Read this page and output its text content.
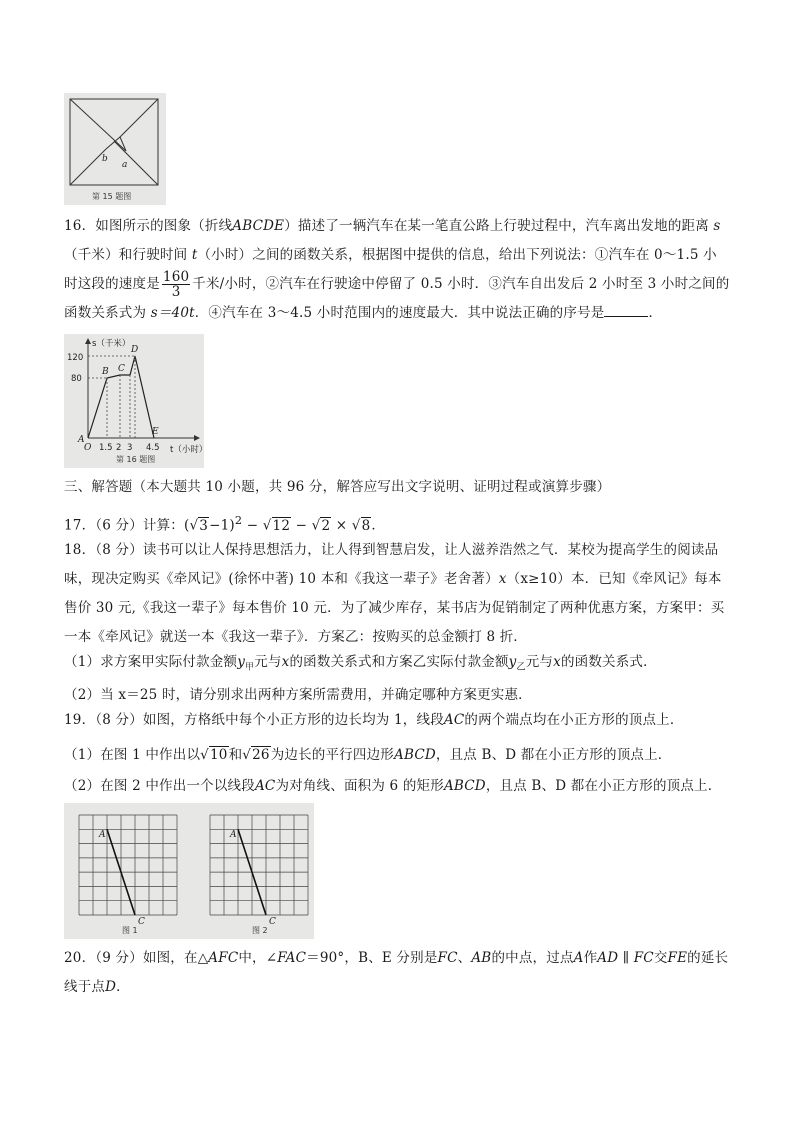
b
a
第 15 题图
16．如图所示的图象（折线ABCDE）描述了一辆汽车在某一笔直公路上行驶过程中，汽车离出发地的距离 s（千米）和行驶时间 t（小时）之间的函数关系，根据图中提供的信息，给出下列说法：①汽车在 0～1.5 小时这段的速度是 $\frac{160}{3}$ 千米/小时，②汽车在行驶途中停留了 0.5 小时．③汽车自出发后 2 小时至 3 小时之间的函数关系式为 s＝40t．④汽车在 3～4.5 小时范围内的速度最大．其中说法正确的序号是	．
s（千米）
t（小时）
120
80
A
O 1.5 2 3 4.5
B C
D
E
第 16 题图
三、解答题（本大题共 10 小题，共 96 分，解答应写出文字说明、证明过程或演算步骤）
17．（6 分）计算：$(√3-1)^2 - √12 - √2 \times √8$．
18．（8 分）读书可以让人保持思想活力，让人得到智慧启发，让人滋养浩然之气．某校为提高学生的阅读品味，现决定购买《牵风记》(徐怀中著) 10 本和《我这一辈子》老舍著）x（x≥10）本．已知《牵风记》每本售价 30 元,《我这一辈子》每本售价 10 元．为了减少库存，某书店为促销制定了两种优惠方案，方案甲：买一本《牵风记》就送一本《我这一辈子》．方案乙：按购买的总金额打 8 折．
（1）求方案甲实际付款金额$y_甲$元与x的函数关系式和方案乙实际付款金额$y_乙$元与x的函数关系式．
（2）当 x＝25 时，请分别求出两种方案所需费用，并确定哪种方案更实惠．
19．（8 分）如图，方格纸中每个小正方形的边长均为 1，线段AC的两个端点均在小正方形的顶点上．
（1）在图 1 中作出以√10和√26为边长的平行四边形ABCD，且点 B、D 都在小正方形的顶点上．
（2）在图 2 中作出一个以线段AC为对角线、面积为 6 的矩形ABCD，且点 B、D 都在小正方形的顶点上．
A
C
图 1
A
C
图 2
20．（9 分）如图，在△AFC中，∠FAC＝90°，B、E 分别是FC、AB的中点，过点A作AD ∥ FC交FE的延长线于点D．
